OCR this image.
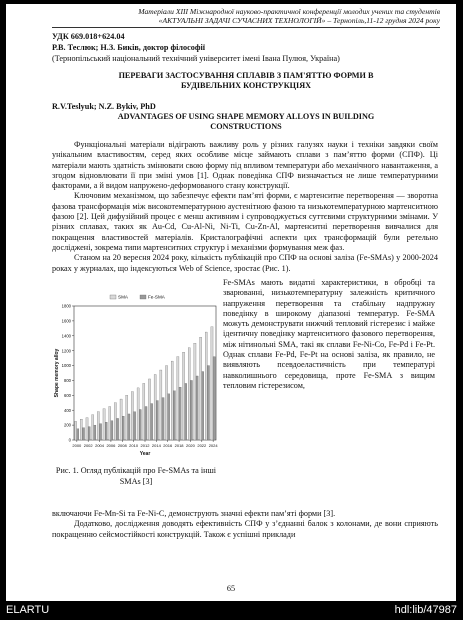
Матеріали XIII Міжнародної науково-практичної конференції молодих учених та студентів
«АКТУАЛЬНІ ЗАДАЧІ СУЧАСНИХ ТЕХНОЛОГІЙ» – Тернопіль,11-12 грудня 2024 року
УДК 669.018+624.04
Р.В. Теслюк; Н.З. Биків, доктор філософії
(Тернопільський національний технічний університет імені Івана Пулюя, Україна)
ПЕРЕВАГИ ЗАСТОСУВАННЯ СПЛАВІВ З ПАМ'ЯТТЮ ФОРМИ В БУДІВЕЛЬНИХ КОНСТРУКЦІЯХ
R.V.Teslyuk; N.Z. Bykiv, PhD
ADVANTAGES OF USING SHAPE MEMORY ALLOYS IN BUILDING CONSTRUCTIONS

Функціональні матеріали відіграють важливу роль у різних галузях науки і техніки завдяки своїм унікальним властивостям, серед яких особливе місце займають сплави з пам’яттю форми (СПФ). Ці матеріали мають здатність змінювати свою форму під впливом температури або механічного навантаження, а згодом відновлювати її при зміні умов [1]. Однак поведінка СПФ визначається не лише температурними факторами, а й видом напружено-деформованого стану конструкції.

Ключовим механізмом, що забезпечує ефекти пам’яті форми, є мартенситне перетворення — зворотна фазова трансформація між високотемпературною аустенітною фазою та низькотемпературною мартенситною фазою [2]. Цей дифузійний процес є менш активним і супроводжується суттєвими структурними змінами. У різних сплавах, таких як Au-Cd, Cu-Al-Ni, Ni-Ti, Cu-Zn-Al, мартенситні перетворення вивчалися для покращення властивостей матеріалів. Кристалографічні аспекти цих трансформацій були ретельно досліджені, зокрема типи мартенситних структур і механізми формування меж фаз.

Станом на 20 вересня 2024 року, кількість публікацій про СПФ на основі заліза (Fe-SMAs) у 2000-2024 роках у журналах, що індексуються Web of Science, зростає (Рис. 1).

0
200
400
600
800
1000
1200
1400
1600
1800
2000 2002 2004 2006 2008 2010 2012 2014 2016 2018 2020 2022 2024
Year
Shape memory alloy
SMA	Fe-SMA
Рис. 1. Огляд публікацій про Fe-SMAs та інші SMAs [3]
Fe-SMAs мають видатні характеристики, в обробці та зварюванні, низькотемпературну залежність критичного напруження перетворення та стабільну надпружну поведінку в широкому діапазоні температур. Fe-SMA можуть демонструвати нижчий тепловий гістерезис і майже ідентичну поведінку мартенситного фазового перетворення, між нітинольні SMA, такі як сплави Fe-Ni-Co, Fe-Pd і Fe-Pt. Однак сплави Fe-Pd, Fe-Pt на основі заліза, як правило, не виявляють псевдоеластичність при температурі навколишнього середовища, проте Fe-SMA з вищим тепловим гістерезисом,

включаючи Fe-Mn-Si та Fe-Ni-C, демонструють значні ефекти пам’яті форми [3].

Додатково, дослідження доводять ефективність СПФ у з’єднанні балок з колонами, де вони сприяють покращенню сейсмостійкості конструкцій. Також є успішні приклади

65
ELARTU	hdl:lib/47987
